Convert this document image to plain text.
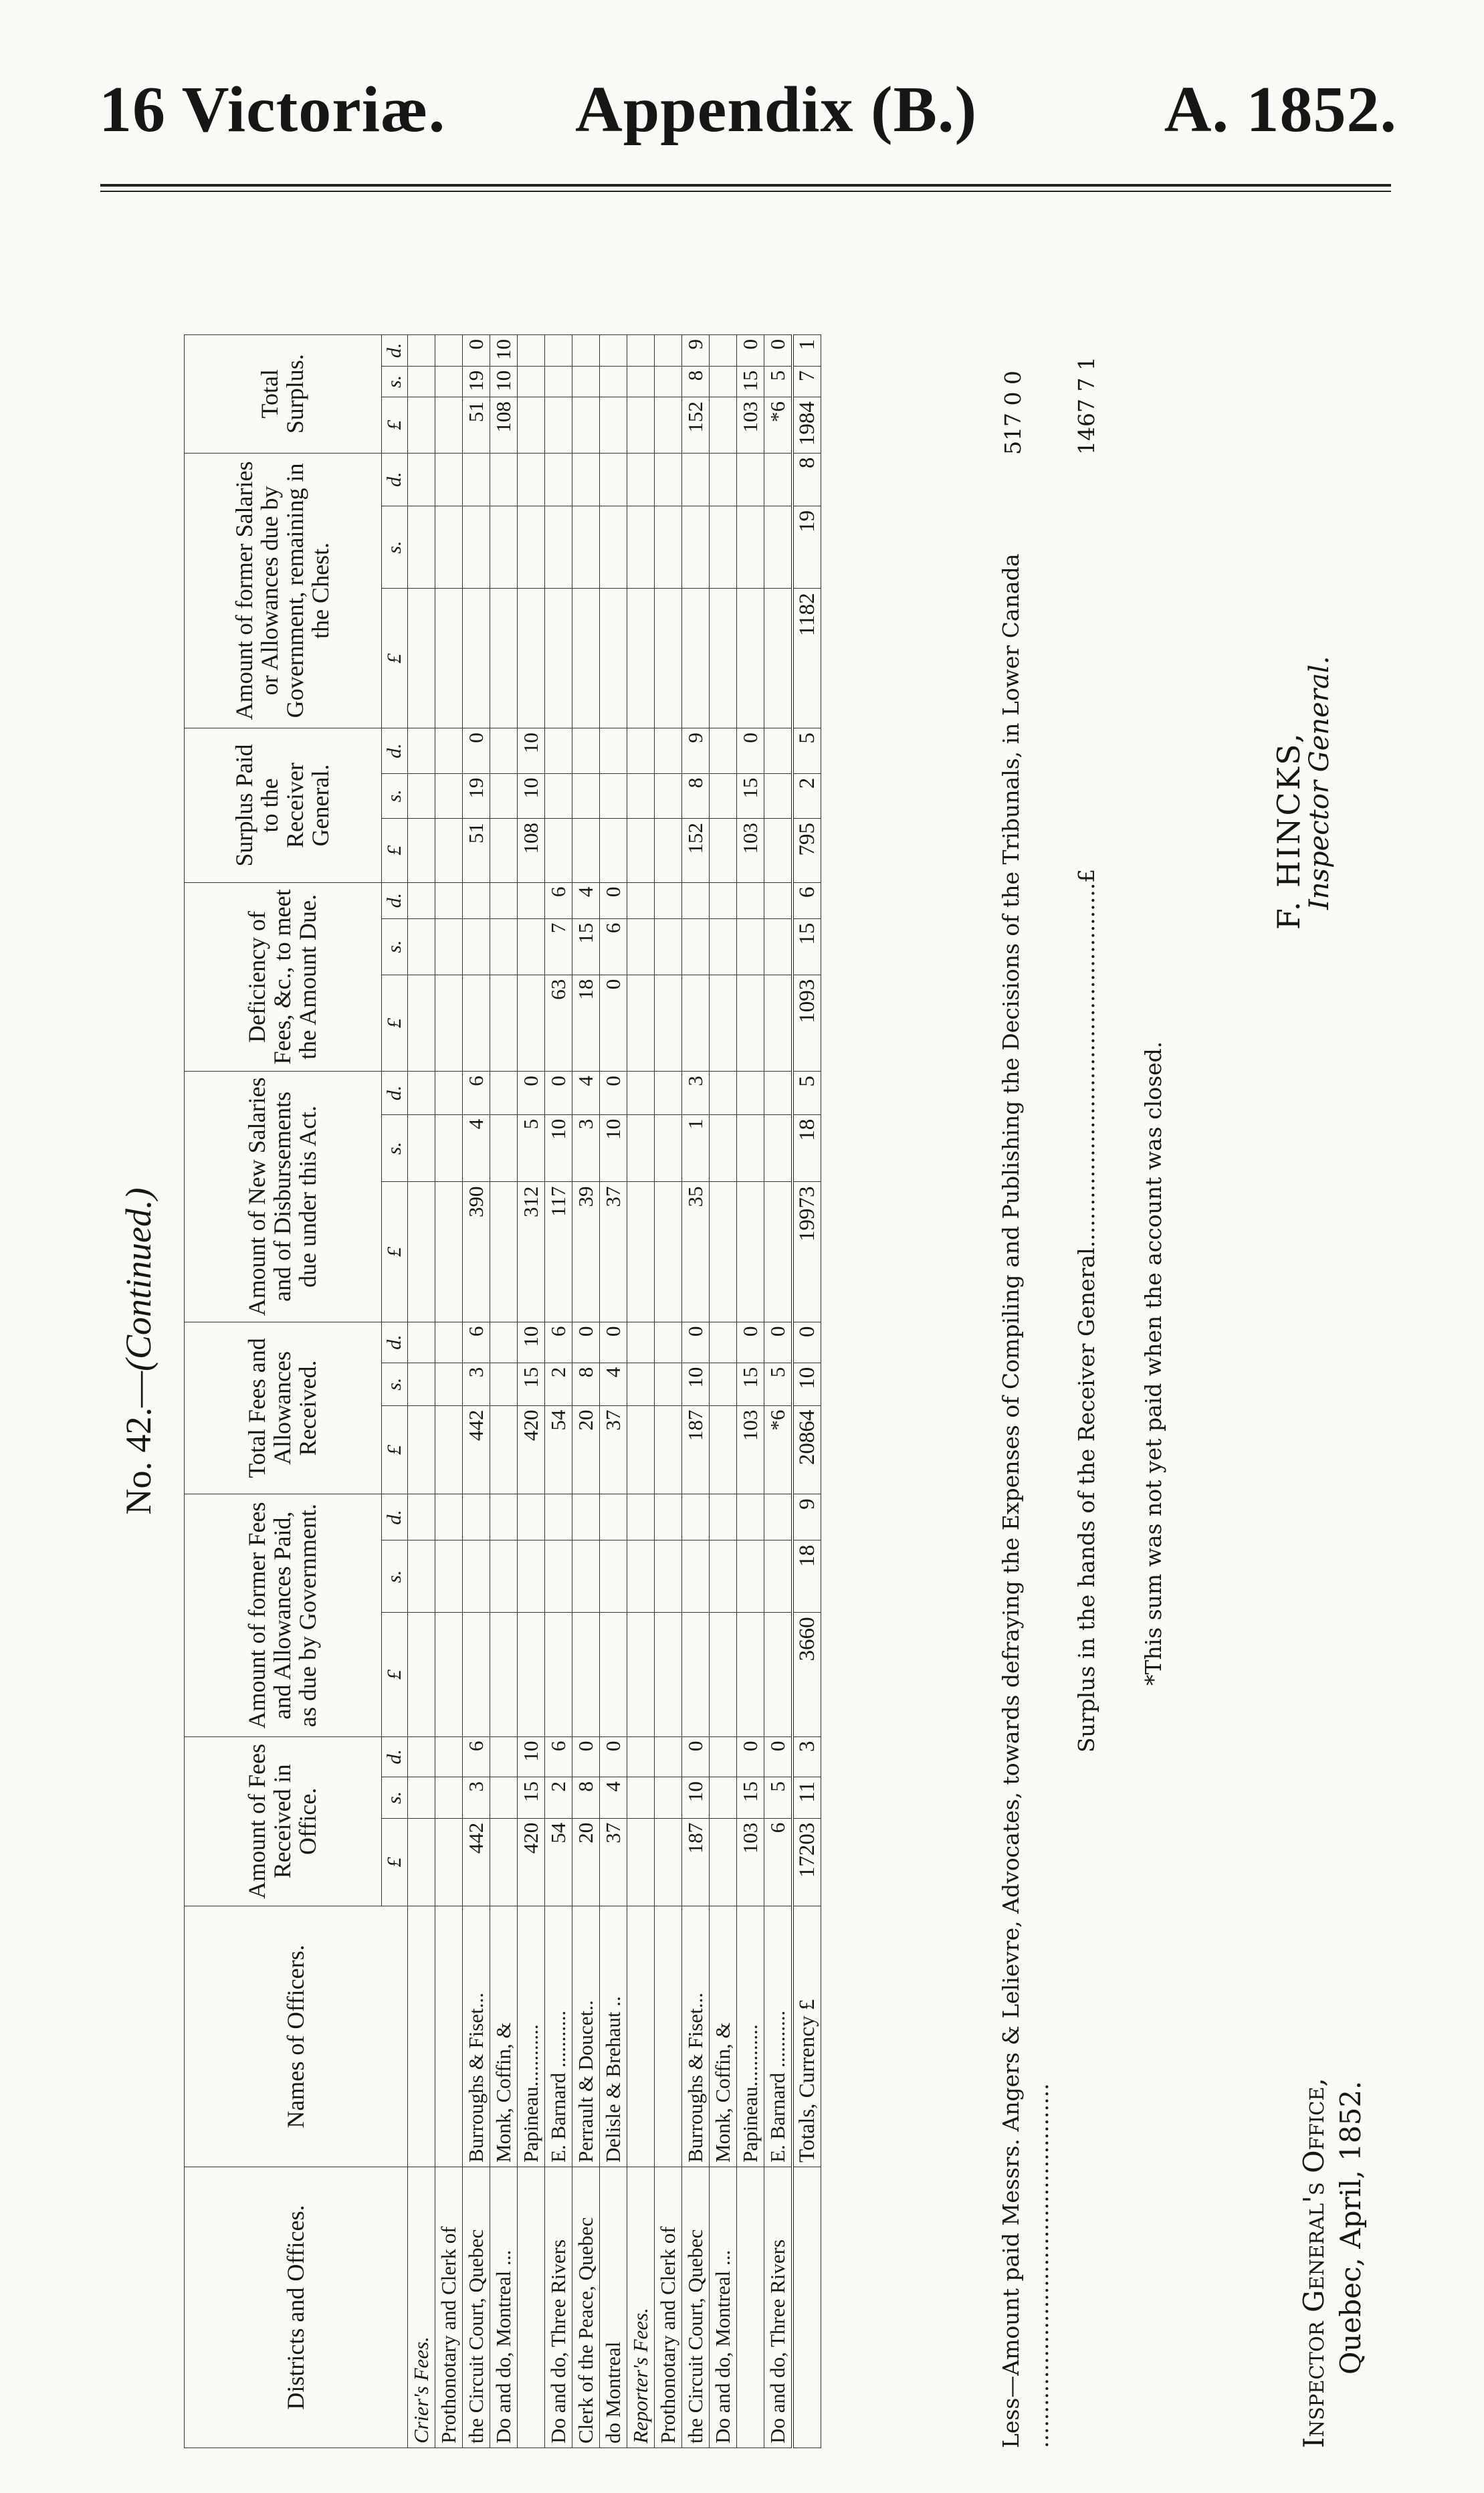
16 Victoriæ. Appendix (B.)	A. 1852.
No. 42.—(Continued.)
Districts and Offices.	Names of Officers.	Amount of Fees Received in Office.			Amount of former Fees and Allowances Paid, as due by Government.			Total Fees and Allowances Received.			Amount of New Salaries and of Disbursements due under this Act.			Deficiency of Fees, &c., to meet the Amount Due.			Surplus Paid to the Receiver General.			Amount of former Salaries or Allowances due by Government, remaining in the Chest.			Total Surplus.		
		£	s.	d.	£	s.	d.	£	s.	d.	£	s.	d.	£	s.	d.	£	s.	d.	£	s.	d.	£	s.	d.
Crier's Fees.																									
Prothonotary and Clerk of																									
the Circuit Court, Quebec	Burroughs & Fiset...	442	3	6				442	3	6	390	4	6				51	19	0				51	19	0
Do and do, Montreal ...	Monk, Coffin, &																						108	10	10
	Papineau............	420	15	10				420	15	10	312	5	0				108	10	10						
Do and do, Three Rivers	E. Barnard ...........	54	2	6				54	2	6	117	10	0	63	7	6									
Clerk of the Peace, Quebec	Perrault & Doucet..	20	8	0				20	8	0	39	3	4	18	15	4									
do Montreal	Delisle & Brehaut ..	37	4	0				37	4	0	37	10	0	0	6	0									
Reporter's Fees.																									
Prothonotary and Clerk of																									
the Circuit Court, Quebec	Burroughs & Fiset...	187	10	0				187	10	0	35	1	3				152	8	9				152	8	9
Do and do, Montreal ...	Monk, Coffin, &																								
	Papineau............	103	15	0				103	15	0							103	15	0				103	15	0
Do and do, Three Rivers	E. Barnard ...........	6	5	0				*6	5	0													*6	5	0
	Totals, Currency £	17203	11	3	3660	18	9	20864	10	0	19973	18	5	1093	15	6	795	2	5	1182	19	8	1984	7	1
Less—Amount paid Messrs. Angers & Lelievre, Advocates, towards defraying the Expenses of Compiling and Publishing the Decisions of the Tribunals, in Lower Canada ....................................................
517 0 0
Surplus in the hands of the Receiver General....................................................£
1467 7 1
*This sum was not yet paid when the account was closed.
F. HINCKS,
Inspector General.
Inspector General's Office, Quebec, April, 1852.
